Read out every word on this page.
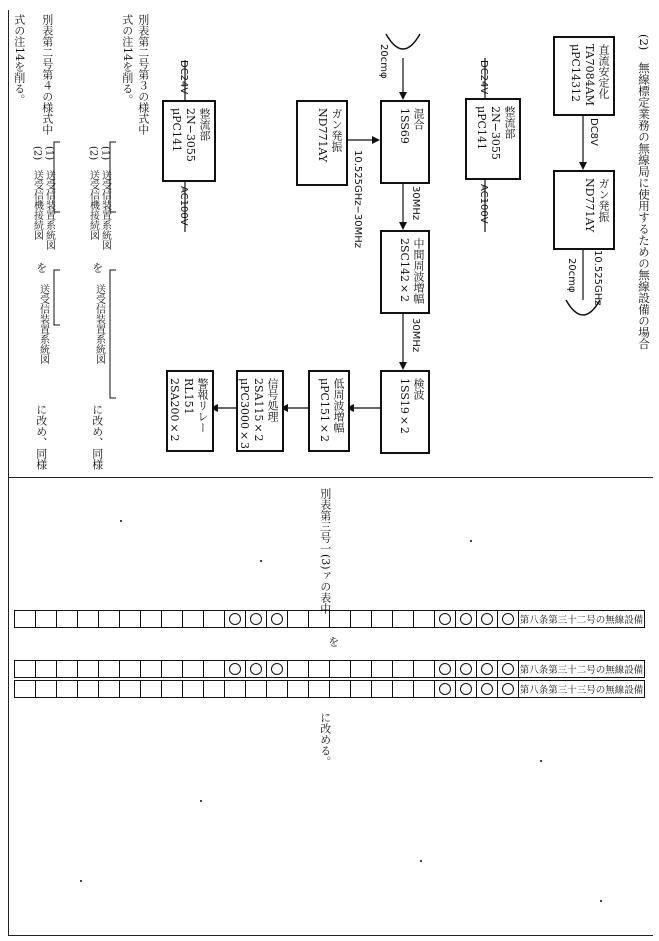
(2)　無線標定業務の無線局に使用するための無線設備の場合
直流安定化
TA7084AM
μPC14312
DC8V
ガン発振
ND771AY
10.525GHz
20cmφ
DC24V
整流部
2N−3055
μPC141
AC100V
20cmφ
混合
1SS69
ガン発振
ND771AY
10.525GHz−30MHz	30MHz
中間周波増幅
2SC142×2
30MHz
検波
1SS19×2
低周波増幅
μPC151×2
信号処理
2SA115×2
μPC3000×3
警報リレー
RL151
2SA200×2
DC24V
整流部
2N−3055
μPC141
AC100V
別表第二号第３の様式中
式の注14を削る。
(1)　送受信装置系統図
(2)　送受信機接続図
を
送受信装置系統図
に改め、同様
別表第二号第４の様式中
(1)　送受信装置系統図
(2)　送受信機接続図
を
送受信装置系統図
に改め、同様
式の注14を削る。
別表第三号一(3)ァの表中
第八条第三十二号の無線設備
を
第八条第三十二号の無線設備
第八条第三十三号の無線設備
に改める。
